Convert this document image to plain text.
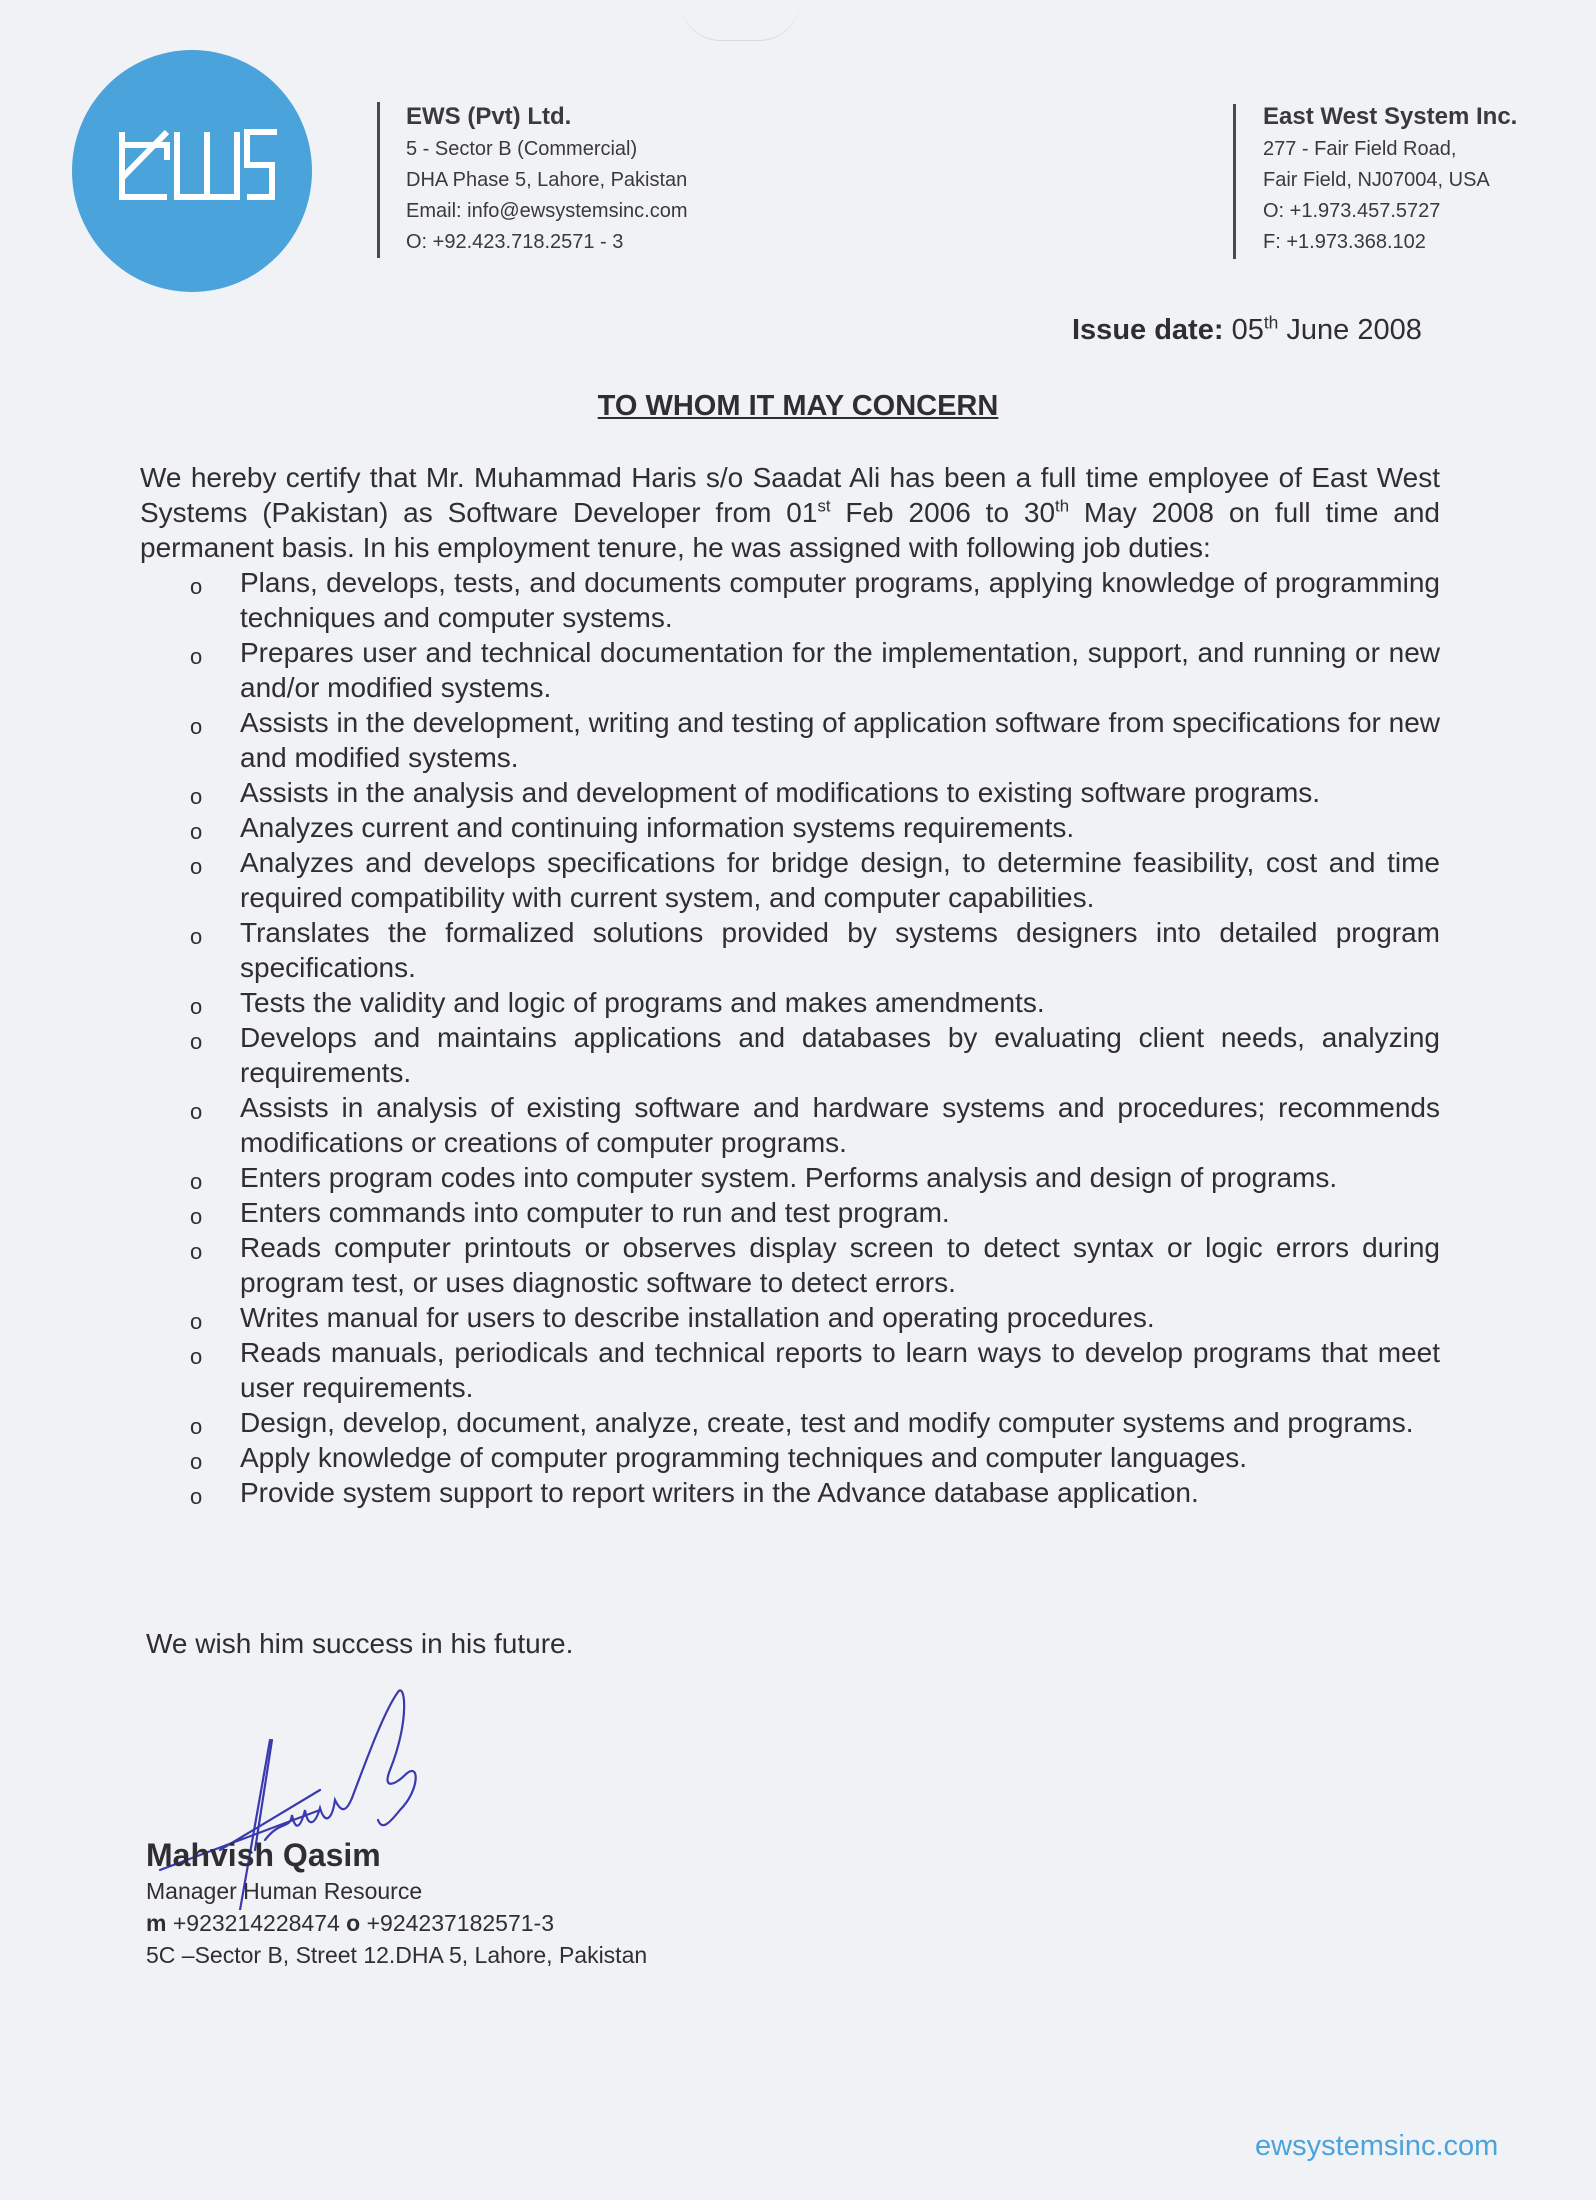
EWS (Pvt) Ltd.
5 - Sector B (Commercial)
DHA Phase 5, Lahore, Pakistan
Email: info@ewsystemsinc.com
O: +92.423.718.2571 - 3
East West System Inc.
277 - Fair Field Road,
Fair Field, NJ07004, USA
O: +1.973.457.5727
F: +1.973.368.102
Issue date: 05th June 2008
TO WHOM IT MAY CONCERN

We hereby certify that Mr. Muhammad Haris s/o Saadat Ali has been a full time employee of East West Systems (Pakistan) as Software Developer from 01st Feb 2006 to 30th May 2008 on full time and permanent basis. In his employment tenure, he was assigned with following job duties:

o Plans, develops, tests, and documents computer programs, applying knowledge of programming techniques and computer systems.
o Prepares user and technical documentation for the implementation, support, and running or new and/or modified systems.
o Assists in the development, writing and testing of application software from specifications for new and modified systems.
o Assists in the analysis and development of modifications to existing software programs.
o Analyzes current and continuing information systems requirements.
o Analyzes and develops specifications for bridge design, to determine feasibility, cost and time required compatibility with current system, and computer capabilities.
o Translates the formalized solutions provided by systems designers into detailed program specifications.
o Tests the validity and logic of programs and makes amendments.
o Develops and maintains applications and databases by evaluating client needs, analyzing requirements.
o Assists in analysis of existing software and hardware systems and procedures; recommends modifications or creations of computer programs.
o Enters program codes into computer system. Performs analysis and design of programs.
o Enters commands into computer to run and test program.
o Reads computer printouts or observes display screen to detect syntax or logic errors during program test, or uses diagnostic software to detect errors.
o Writes manual for users to describe installation and operating procedures.
o Reads manuals, periodicals and technical reports to learn ways to develop programs that meet user requirements.
o Design, develop, document, analyze, create, test and modify computer systems and programs.
o Apply knowledge of computer programming techniques and computer languages.
o Provide system support to report writers in the Advance database application.
We wish him success in his future.
Mahvish Qasim
Manager Human Resource
m +923214228474 o +924237182571-3
5C –Sector B, Street 12.DHA 5, Lahore, Pakistan
ewsystemsinc.com
